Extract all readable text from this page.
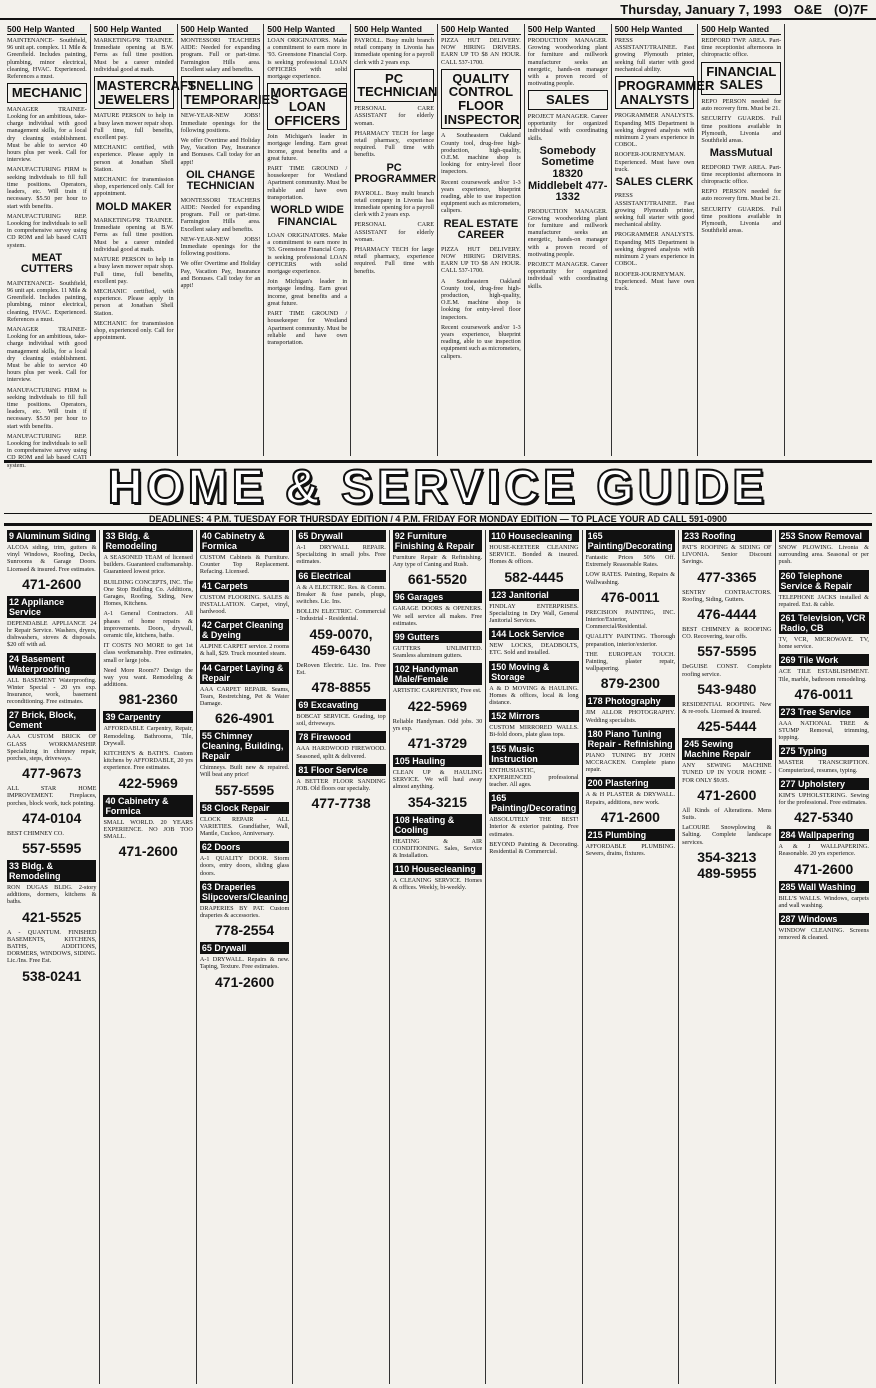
Thursday, January 7, 1993 O&E (O)7F
500 Help Wanted
MAINTENANCE- Southfield, 96 unit apt. complex. 11 Mile & Greenfield. Includes painting, plumbing, minor electrical, cleaning, HVAC. Experienced. References a must.
MECHANIC
MANAGER TRAINEE- Looking for an ambitious, take-charge individual with good management skills, for a local dry cleaning establishment. Must be able to service 40 hours plus per week. Call for interview.
MANUFACTURING FIRM is seeking individuals to fill full time positions. Operators, leaders, etc. Will train if necessary. $5.50 per hour to start with benefits.
MANUFACTURING REP. Loooking for individuals to sell in comprehensive survey using CD ROM and lab based CATI system.
MEAT CUTTERS
MAINTENANCE- Southfield, 96 unit apt. complex. 11 Mile & Greenfield. Includes painting, plumbing, minor electrical, cleaning, HVAC. Experienced. References a must.
MANAGER TRAINEE- Looking for an ambitious, take-charge individual with good management skills, for a local dry cleaning establishment. Must be able to service 40 hours plus per week. Call for interview.
MANUFACTURING FIRM is seeking individuals to fill full time positions. Operators, leaders, etc. Will train if necessary. $5.50 per hour to start with benefits.
MANUFACTURING REP. Loooking for individuals to sell in comprehensive survey using CD ROM and lab based CATI system.
500 Help Wanted
MARKETING/PR TRAINEE. Immediate opening at B.W. Ferns as full time position. Must be a career minded individual good at math.
MASTERCRAFT JEWELERS
MATURE PERSON to help in a busy lawn mower repair shop. Full time, full benefits, excellent pay.
MECHANIC certified, with experience. Please apply in person at Jonathan Shell Station.
MECHANIC for transmission shop, experienced only. Call for appointment.
MOLD MAKER
MARKETING/PR TRAINEE. Immediate opening at B.W. Ferns as full time position. Must be a career minded individual good at math.
MATURE PERSON to help in a busy lawn mower repair shop. Full time, full benefits, excellent pay.
MECHANIC certified, with experience. Please apply in person at Jonathan Shell Station.
MECHANIC for transmission shop, experienced only. Call for appointment.
500 Help Wanted
MONTESSORI TEACHERS AIDE: Needed for expanding program. Full or part-time. Farmington Hills area. Excellent salary and benefits.
SNELLING TEMPORARIES
NEW-YEAR-NEW JOBS! Immediate openings for the following positions.
We offer Overtime and Holiday Pay, Vacation Pay, Insurance and Bonuses. Call today for an appt!
OIL CHANGE TECHNICIAN
MONTESSORI TEACHERS AIDE: Needed for expanding program. Full or part-time. Farmington Hills area. Excellent salary and benefits.
NEW-YEAR-NEW JOBS! Immediate openings for the following positions.
We offer Overtime and Holiday Pay, Vacation Pay, Insurance and Bonuses. Call today for an appt!
500 Help Wanted
LOAN ORIGINATORS. Make a commitment to earn more in '93. Greenstone Financial Corp. is seeking professional LOAN OFFICERS with solid mortgage experience.
MORTGAGE LOAN OFFICERS
Join Michigan's leader in mortgage lending. Earn great income, great benefits and a great future.
PART TIME GROUND / housekeeper for Westland Apartment community. Must be reliable and have own transportation.
WORLD WIDE FINANCIAL
LOAN ORIGINATORS. Make a commitment to earn more in '93. Greenstone Financial Corp. is seeking professional LOAN OFFICERS with solid mortgage experience.
Join Michigan's leader in mortgage lending. Earn great income, great benefits and a great future.
PART TIME GROUND / housekeeper for Westland Apartment community. Must be reliable and have own transportation.
500 Help Wanted
PAYROLL. Busy multi branch retail company in Livonia has immediate opening for a payroll clerk with 2 years exp.
PC TECHNICIAN
PERSONAL CARE ASSISTANT for elderly woman.
PHARMACY TECH for large retail pharmacy, experience required. Full time with benefits.
PC PROGRAMMER
PAYROLL. Busy multi branch retail company in Livonia has immediate opening for a payroll clerk with 2 years exp.
PERSONAL CARE ASSISTANT for elderly woman.
PHARMACY TECH for large retail pharmacy, experience required. Full time with benefits.
500 Help Wanted
PIZZA HUT DELIVERY. NOW HIRING DRIVERS. EARN UP TO $8 AN HOUR. CALL 537-1700.
QUALITY CONTROL FLOOR INSPECTOR
A Southeastern Oakland County tool, drug-free high-production, high-quality, O.E.M. machine shop is looking for entry-level floor inspectors.
Recent coursework and/or 1-3 years experience, blueprint reading, able to use inspection equipment such as micrometers, calipers.
REAL ESTATE CAREER
PIZZA HUT DELIVERY. NOW HIRING DRIVERS. EARN UP TO $8 AN HOUR. CALL 537-1700.
A Southeastern Oakland County tool, drug-free high-production, high-quality, O.E.M. machine shop is looking for entry-level floor inspectors.
Recent coursework and/or 1-3 years experience, blueprint reading, able to use inspection equipment such as micrometers, calipers.
500 Help Wanted
PRODUCTION MANAGER. Growing woodworking plant for furniture and millwork manufacturer seeks an energetic, hands-on manager with a proven record of motivating people.
SALES
PROJECT MANAGER. Career opportunity for organized individual with coordinating skills.
Somebody Sometime 18320 Middlebelt 477-1332
PRODUCTION MANAGER. Growing woodworking plant for furniture and millwork manufacturer seeks an energetic, hands-on manager with a proven record of motivating people.
PROJECT MANAGER. Career opportunity for organized individual with coordinating skills.
500 Help Wanted
PRESS ASSISTANT/TRAINEE. Fast growing Plymouth printer, seeking full starter with good mechanical ability.
PROGRAMMER ANALYSTS
PROGRAMMER ANALYSTS. Expanding MIS Department is seeking degreed analysts with minimum 2 years experience in COBOL.
ROOFER-JOURNEYMAN. Experienced. Must have own truck.
SALES CLERK
PRESS ASSISTANT/TRAINEE. Fast growing Plymouth printer, seeking full starter with good mechanical ability.
PROGRAMMER ANALYSTS. Expanding MIS Department is seeking degreed analysts with minimum 2 years experience in COBOL.
ROOFER-JOURNEYMAN. Experienced. Must have own truck.
500 Help Wanted
REDFORD TWP. AREA. Part-time receptionist afternoons in chiropractic office.
FINANCIAL SALES
REPO PERSON needed for auto recovery firm. Must be 21.
SECURITY GUARDS. Full time positions available in Plymouth, Livonia and Southfield areas.
MassMutual
REDFORD TWP. AREA. Part-time receptionist afternoons in chiropractic office.
REPO PERSON needed for auto recovery firm. Must be 21.
SECURITY GUARDS. Full time positions available in Plymouth, Livonia and Southfield areas.
HOME & SERVICE GUIDE
DEADLINES: 4 P.M. TUESDAY FOR THURSDAY EDITION / 4 P.M. FRIDAY FOR MONDAY EDITION — TO PLACE YOUR AD CALL 591-0900
9 Aluminum Siding
ALCOA siding, trim, gutters & vinyl Windows, Roofing, Decks, Sunrooms & Garage Doors. Licensed & insured. Free estimates.
471-2600
12 Appliance Service
DEPENDABLE APPLIANCE 24 hr Repair Service. Washers, dryers, dishwashers, stoves & disposals. $20 off with ad.
24 Basement Waterproofing
ALL BASEMENT Waterproofing. Winter Special - 20 yrs exp. Insurance, work, basement reconditioning. Free estimates.
27 Brick, Block, Cement
AAA CUSTOM BRICK OF GLASS WORKMANSHIP. Specializing in chimney repair, porches, steps, driveways.
477-9673
ALL STAR HOME IMPROVEMENT. Fireplaces, porches, block work, tuck pointing.
474-0104
BEST CHIMNEY CO.
557-5595
33 Bldg. & Remodeling
RON DUGAS BLDG. 2-story additions, dormers, kitchens & baths.
421-5525
A - QUANTUM. FINISHED BASEMENTS, KITCHENS, BATHS, ADDITIONS, DORMERS, WINDOWS, SIDING. Lic./Ins. Free Est.
538-0241
33 Bldg. & Remodeling
A SEASONED TEAM of licensed builders. Guaranteed craftsmanship. Guaranteed lowest price.
BUILDING CONCEPTS, INC. The One Stop Building Co. Additions, Garages, Roofing, Siding, New Homes, Kitchens.
A-1 General Contractors. All phases of home repairs & improvements. Doors, drywall, ceramic tile, kitchens, baths.
IT COSTS NO MORE to get 1st class workmanship. Free estimates, small or large jobs.
Need More Room?? Design the way you want. Remodeling & additions.
981-2360
39 Carpentry
AFFORDABLE Carpentry, Repair, Remodeling. Bathrooms, Tile, Drywall.
KITCHEN'S & BATH'S. Custom kitchens by AFFORDABLE, 20 yrs experience. Free estimates.
422-5969
40 Cabinetry & Formica
SMALL WORLD. 20 YEARS EXPERIENCE. NO JOB TOO SMALL.
471-2600
40 Cabinetry & Formica
CUSTOM Cabinets & Furniture. Counter Top Replacement. Refacing. Licensed.
41 Carpets
CUSTOM FLOORING. SALES & INSTALLATION. Carpet, vinyl, hardwood.
42 Carpet Cleaning & Dyeing
ALPINE CARPET service. 2 rooms & hall, $29. Truck mounted steam.
44 Carpet Laying & Repair
AAA CARPET REPAIR. Seams, Tears, Restretching, Pet & Water Damage.
626-4901
55 Chimney Cleaning, Building, Repair
Chimneys. Built new & repaired. Will beat any price!
557-5595
58 Clock Repair
CLOCK REPAIR - ALL VARIETIES. Grandfather, Wall, Mantle, Cuckoo, Anniversary.
62 Doors
A-1 QUALITY DOOR. Storm doors, entry doors, sliding glass doors.
63 Draperies Slipcovers/Cleaning
DRAPERIES BY PAT. Custom draperies & accessories.
778-2554
65 Drywall
A-1 DRYWALL. Repairs & new. Taping, Texture. Free estimates.
471-2600
65 Drywall
A-1 DRYWALL REPAIR. Specializing in small jobs. Free estimates.
66 Electrical
A & A ELECTRIC. Res. & Comm. Breaker & fuse panels, plugs, switches. Lic. Ins.
BOLLIN ELECTRIC. Commercial - Industrial - Residential.
459-0070, 459-6430
DeRoven Electric. Lic. Ins. Free Est.
478-8855
69 Excavating
BOBCAT SERVICE. Grading, top soil, driveways.
78 Firewood
AAA HARDWOOD FIREWOOD. Seasoned, split & delivered.
81 Floor Service
A BETTER FLOOR SANDING JOB. Old floors our specialty.
477-7738
92 Furniture Finishing & Repair
Furniture Repair & Refinishing. Any type of Caning and Rush.
661-5520
96 Garages
GARAGE DOORS & OPENERS. We sell service all makes. Free estimates.
99 Gutters
GUTTERS UNLIMITED. Seamless aluminum gutters.
102 Handyman Male/Female
ARTISTIC CARPENTRY, Free est.
422-5969
Reliable Handyman. Odd jobs. 30 yrs exp.
471-3729
105 Hauling
CLEAN UP & HAULING SERVICE. We will haul away almost anything.
354-3215
108 Heating & Cooling
HEATING & AIR CONDITIONING. Sales, Service & Installation.
110 Housecleaning
A CLEANING SERVICE. Homes & offices. Weekly, bi-weekly.
110 Housecleaning
HOUSE-KEETEER CLEANING SERVICE. Bonded & insured. Homes & offices.
582-4445
123 Janitorial
FINDLAY ENTERPRISES. Specializing in Dry Wall, General Janitorial Services.
144 Lock Service
NEW LOCKS, DEADBOLTS, ETC. Sold and installed.
150 Moving & Storage
A & D MOVING & HAULING. Homes & offices, local & long distance.
152 Mirrors
CUSTOM MIRRORED WALLS. Bi-fold doors, plate glass tops.
155 Music Instruction
ENTHUSIASTIC, EXPERIENCED professional teacher. All ages.
165 Painting/Decorating
ABSOLUTELY THE BEST! Interior & exterior painting. Free estimates.
BEYOND Painting & Decorating. Residential & Commercial.
165 Painting/Decorating
Fantastic Prices 50% Off. Extremely Reasonable Rates.
LOW RATES. Painting, Repairs & Wallwashing.
476-0011
PRECISION PAINTING, INC. Interior/Exterior, Commercial/Residential.
QUALITY PAINTING. Thorough preparation, interior/exterior.
THE EUROPEAN TOUCH. Painting, plaster repair, wallpapering.
879-2300
178 Photography
JIM ALLOR PHOTOGRAPHY. Wedding specialists.
180 Piano Tuning Repair - Refinishing
PIANO TUNING BY JOHN MCCRACKEN. Complete piano repair.
200 Plastering
A & H PLASTER & DRYWALL. Repairs, additions, new work.
471-2600
215 Plumbing
AFFORDABLE PLUMBING. Sewers, drains, fixtures.
233 Roofing
PAT'S ROOFING & SIDING OF LIVONIA. Senior Discount Savings.
477-3365
SENTRY CONTRACTORS. Roofing, Siding, Gutters.
476-4444
BEST CHIMNEY & ROOFING CO. Recovering, tear offs.
557-5595
DeGUISE CONST. Complete roofing service.
543-9480
RESIDENTIAL ROOFING. New & re-roofs. Licensed & insured.
425-5444
245 Sewing Machine Repair
ANY SEWING MACHINE TUNED UP IN YOUR HOME - FOR ONLY $9.95.
471-2600
All Kinds of Alterations. Mens Suits.
LaCOURE Snowplowing & Salting. Complete landscape services.
354-3213 489-5955
253 Snow Removal
SNOW PLOWING. Livonia & surrounding area. Seasonal or per push.
260 Telephone Service & Repair
TELEPHONE JACKS installed & repaired. Ext. & cable.
261 Television, VCR Radio, CB
TV, VCR, MICROWAVE. TV, home service.
269 Tile Work
ACE TILE ESTABLISHMENT. Tile, marble, bathroom remodeling.
476-0011
273 Tree Service
AAA NATIONAL TREE & STUMP Removal, trimming, topping.
275 Typing
MASTER TRANSCRIPTION. Computerized, resumes, typing.
277 Upholstery
KIM'S UPHOLSTERING. Sewing for the professional. Free estimates.
427-5340
284 Wallpapering
A & J WALLPAPERING. Reasonable. 20 yrs experience.
471-2600
285 Wall Washing
BILL'S WALLS. Windows, carpets and wall washing.
287 Windows
WINDOW CLEANING. Screens removed & cleaned.
